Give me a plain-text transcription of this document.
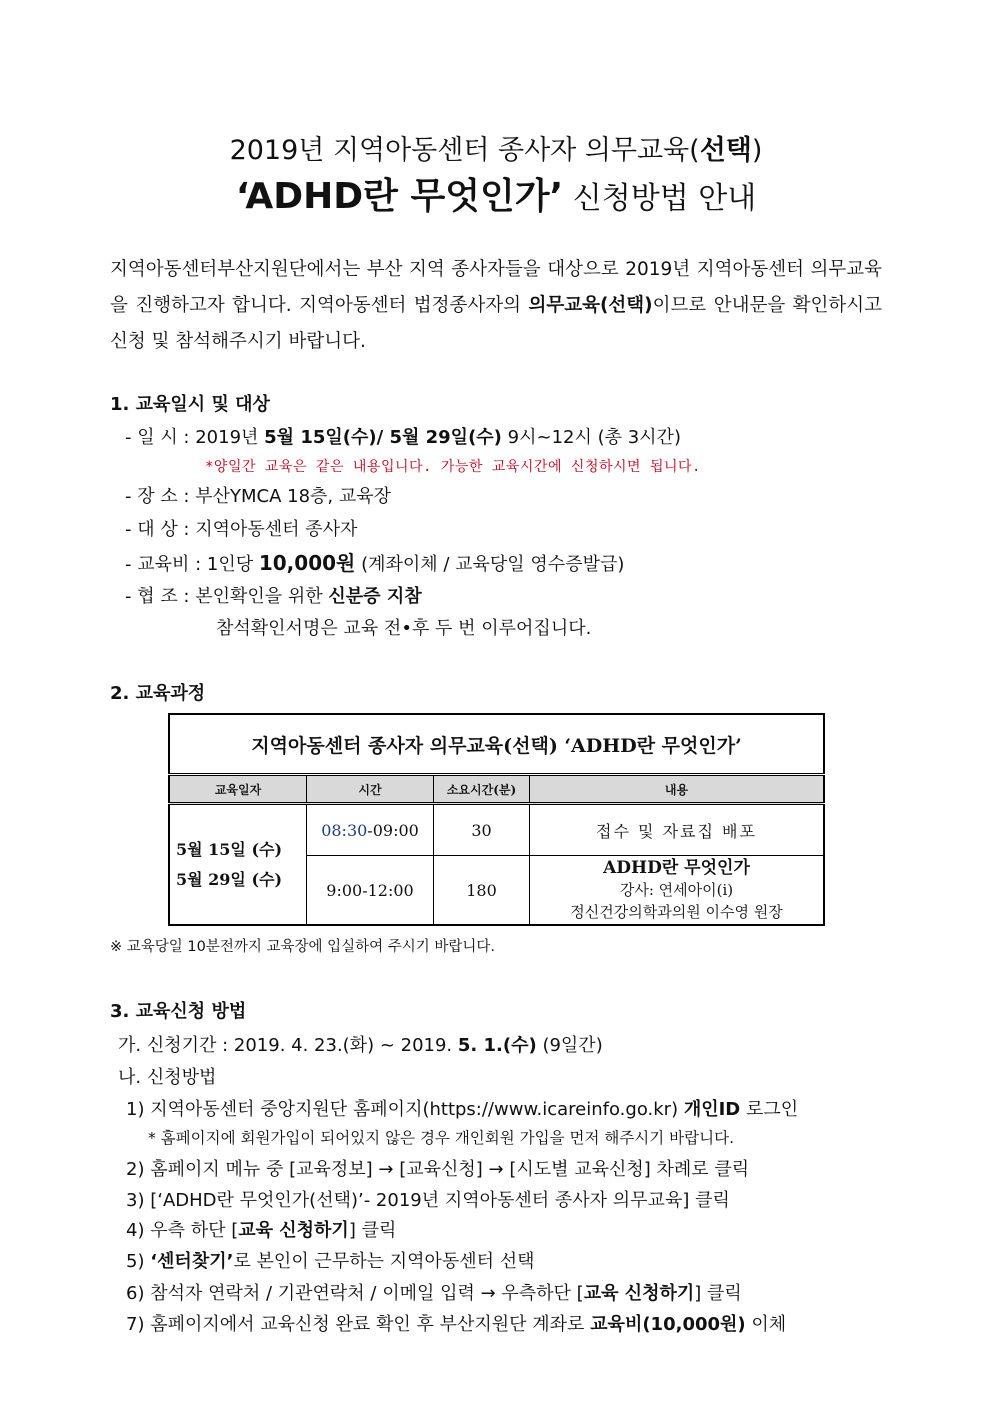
2019년 지역아동센터 종사자 의무교육(선택)
‘ADHD란 무엇인가’ 신청방법 안내
지역아동센터부산지원단에서는 부산 지역 종사자들을 대상으로 2019년 지역아동센터 의무교육을 진행하고자 합니다. 지역아동센터 법정종사자의 의무교육(선택)이므로 안내문을 확인하시고 신청 및 참석해주시기 바랍니다.
1. 교육일시 및 대상
- 일 시 : 2019년 5월 15일(수)/ 5월 29일(수) 9시~12시 (총 3시간)
*양일간 교육은 같은 내용입니다. 가능한 교육시간에 신청하시면 됩니다.
- 장 소 : 부산YMCA 18층, 교육장
- 대 상 : 지역아동센터 종사자
- 교육비 : 1인당 10,000원 (계좌이체 / 교육당일 영수증발급)
- 협 조 : 본인확인을 위한 신분증 지참
참석확인서명은 교육 전•후 두 번 이루어집니다.
2. 교육과정
지역아동센터 종사자 의무교육(선택) ‘ADHD란 무엇인가’			
교육일자	시간	소요시간(분)	내용

5월 15일 (수)
5월 29일 (수)	08:30-09:00	30	접수 및 자료집 배포
	9:00-12:00	180	ADHD란 무엇인가
강사: 연세아이(i)
정신건강의학과의원 이수영 원장
※ 교육당일 10분전까지 교육장에 입실하여 주시기 바랍니다.
3. 교육신청 방법
가. 신청기간 : 2019. 4. 23.(화) ~ 2019. 5. 1.(수) (9일간)
나. 신청방법
1) 지역아동센터 중앙지원단 홈페이지(https://www.icareinfo.go.kr) 개인ID 로그인
* 홈페이지에 회원가입이 되어있지 않은 경우 개인회원 가입을 먼저 해주시기 바랍니다.
2) 홈페이지 메뉴 중 [교육정보] → [교육신청] → [시도별 교육신청] 차례로 클릭
3) [‘ADHD란 무엇인가(선택)’- 2019년 지역아동센터 종사자 의무교육] 클릭
4) 우측 하단 [교육 신청하기] 클릭
5) ‘센터찾기’로 본인이 근무하는 지역아동센터 선택
6) 참석자 연락처 / 기관연락처 / 이메일 입력 → 우측하단 [교육 신청하기] 클릭
7) 홈페이지에서 교육신청 완료 확인 후 부산지원단 계좌로 교육비(10,000원) 이체
